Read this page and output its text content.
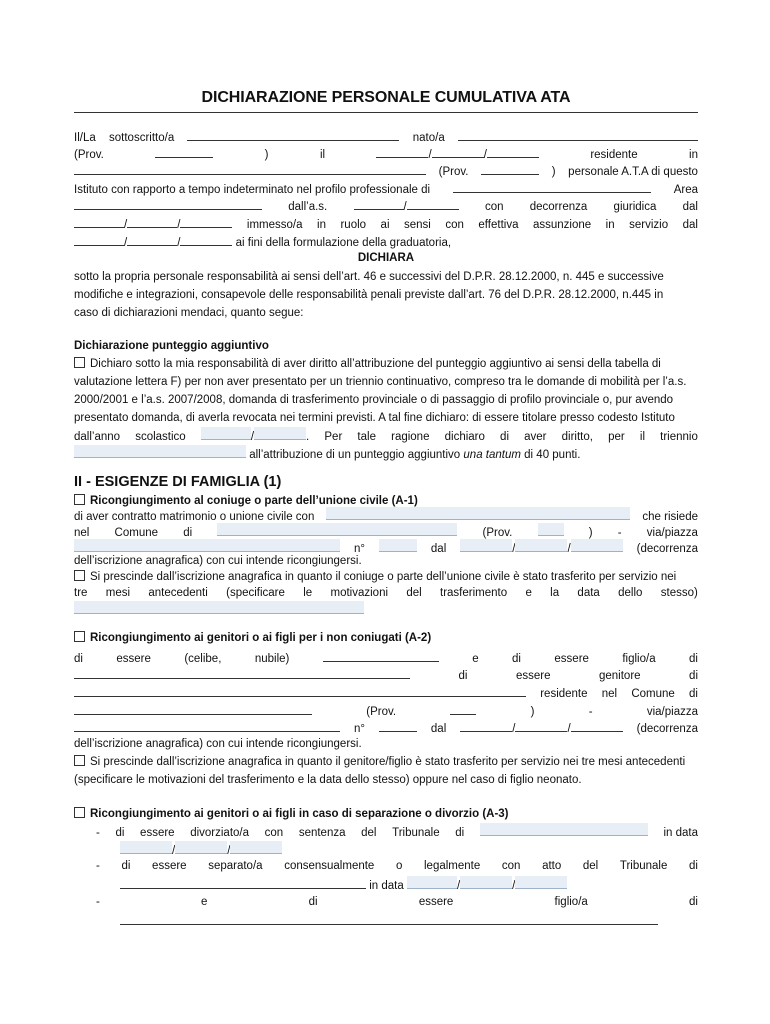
DICHIARAZIONE PERSONALE CUMULATIVA ATA
Il/La sottoscritto/a	nato/a
(Prov.	)	il	/	/	residente	in
(Prov.	) personale A.T.A di questo
Istituto con rapporto a tempo indeterminato nel profilo professionale di	Area
dall’a.s.	/	con decorrenza giuridica dal
/	/	immesso/a in ruolo ai sensi con effettiva assunzione in servizio dal
/	/	ai fini della formulazione della graduatoria,
DICHIARA
sotto la propria personale responsabilità ai sensi dell’art. 46 e successivi del D.P.R. 28.12.2000, n. 445 e successive
modifiche e integrazioni, consapevole delle responsabilità penali previste dall’art. 76 del D.P.R. 28.12.2000, n.445 in
caso di dichiarazioni mendaci, quanto segue:
Dichiarazione punteggio aggiuntivo
Dichiaro sotto la mia responsabilità di aver diritto all’attribuzione del punteggio aggiuntivo ai sensi della tabella di
valutazione lettera F) per non aver presentato per un triennio continuativo, compreso tra le domande di mobilità per l’a.s.
2000/2001 e l’a.s. 2007/2008, domanda di trasferimento provinciale o di passaggio di profilo provinciale o, pur avendo
presentato domanda, di averla revocata nei termini previsti. A tal fine dichiaro: di essere titolare presso codesto Istituto
dall’anno scolastico	/	. Per tale ragione dichiaro di aver diritto, per il triennio
all’attribuzione di un punteggio aggiuntivo una tantum di 40 punti.
II - ESIGENZE DI FAMIGLIA (1)
Ricongiungimento al coniuge o parte dell’unione civile (A-1)
di aver contratto matrimonio o unione civile con	che risiede
nel Comune di	(Prov.	) - via/piazza
n°	dal	/	/	(decorrenza
dell’iscrizione anagrafica) con cui intende ricongiungersi.
Si prescinde dall’iscrizione anagrafica in quanto il coniuge o parte dell’unione civile è stato trasferito per servizio nei
tre mesi antecedenti (specificare le motivazioni del trasferimento e la data dello stesso)
Ricongiungimento ai genitori o ai figli per i non coniugati (A-2)
di	essere	(celibe,	nubile)	e	di	essere	figlio/a	di
di	essere	genitore	di
residente nel Comune di
(Prov.	)	-	via/piazza
n°	dal	/	/	(decorrenza
dell’iscrizione anagrafica) con cui intende ricongiungersi.
Si prescinde dall’iscrizione anagrafica in quanto il genitore/figlio è stato trasferito per servizio nei tre mesi antecedenti
(specificare le motivazioni del trasferimento e la data dello stesso) oppure nel caso di figlio neonato.
Ricongiungimento ai genitori o ai figli in caso di separazione o divorzio (A-3)
- di essere divorziato/a con sentenza del Tribunale di	in data
/	/
- di essere separato/a consensualmente o legalmente con atto del Tribunale di
in data	/	/
-	e	di	essere	figlio/a	di
